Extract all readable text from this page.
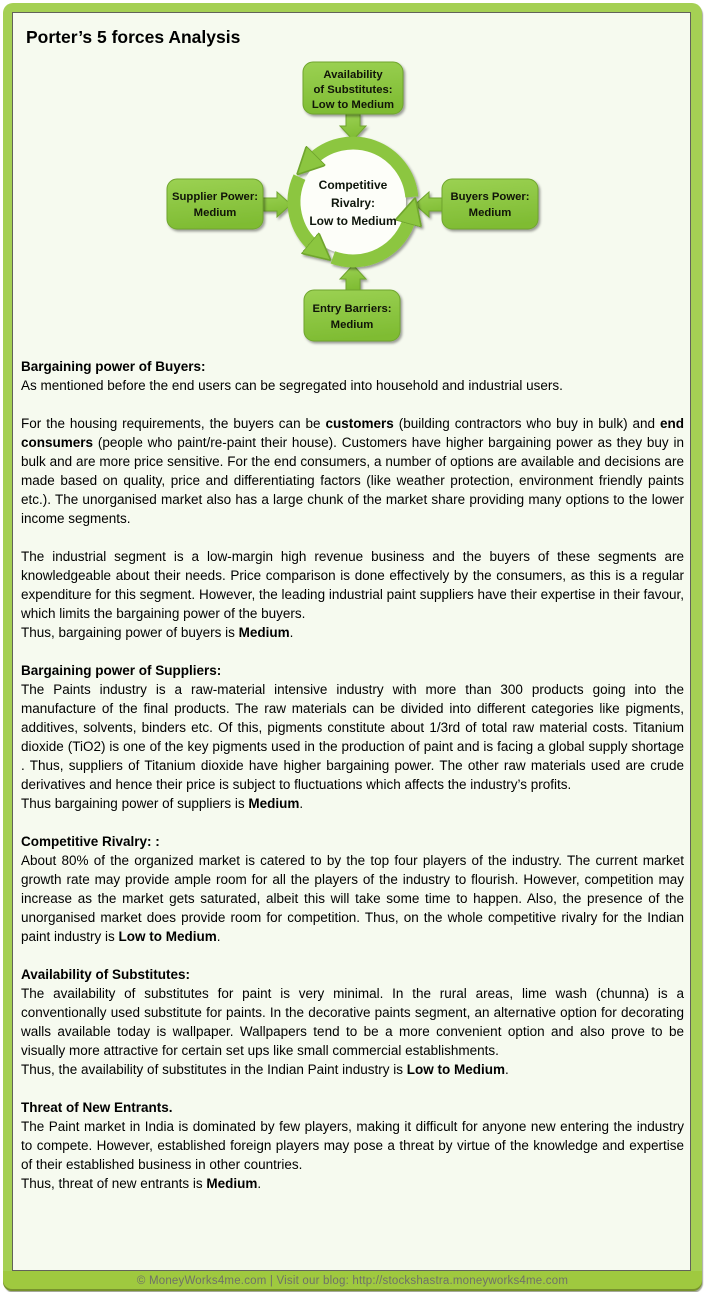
Porter’s 5 forces Analysis
Competitive
Rivalry:
Low to Medium
Availability
of Substitutes:
Low to Medium
Supplier Power:
Medium
Buyers Power:
Medium
Entry Barriers:
Medium
Bargaining power of Buyers:

As mentioned before the end users can be segregated into household and industrial users.

For the housing requirements, the buyers can be customers (building contractors who buy in bulk) and end consumers (people who paint/re-paint their house). Customers have higher bargaining power as they buy in bulk and are more price sensitive. For the end consumers, a number of options are available and decisions are made based on quality, price and differentiating factors (like weather protection, environment friendly paints etc.). The unorganised market also has a large chunk of the market share providing many options to the lower income segments.

The industrial segment is a low-margin high revenue business and the buyers of these segments are knowledgeable about their needs. Price comparison is done effectively by the consumers, as this is a regular expenditure for this segment. However, the leading industrial paint suppliers have their expertise in their favour, which limits the bargaining power of the buyers.

Thus, bargaining power of buyers is Medium.

Bargaining power of Suppliers:

The Paints industry is a raw-material intensive industry with more than 300 products going into the manufacture of the final products. The raw materials can be divided into different categories like pigments, additives, solvents, binders etc. Of this, pigments constitute about 1/3rd of total raw material costs. Titanium dioxide (TiO2) is one of the key pigments used in the production of paint and is facing a global supply shortage . Thus, suppliers of Titanium dioxide have higher bargaining power. The other raw materials used are crude derivatives and hence their price is subject to fluctuations which affects the industry’s profits.

Thus bargaining power of suppliers is Medium.

Competitive Rivalry: :

About 80% of the organized market is catered to by the top four players of the industry. The current market growth rate may provide ample room for all the players of the industry to flourish. However, competition may increase as the market gets saturated, albeit this will take some time to happen. Also, the presence of the unorganised market does provide room for competition. Thus, on the whole competitive rivalry for the Indian paint industry is Low to Medium.

Availability of Substitutes:

The availability of substitutes for paint is very minimal. In the rural areas, lime wash (chunna) is a conventionally used substitute for paints. In the decorative paints segment, an alternative option for decorating walls available today is wallpaper. Wallpapers tend to be a more convenient option and also prove to be visually more attractive for certain set ups like small commercial establishments.

Thus, the availability of substitutes in the Indian Paint industry is Low to Medium.

Threat of New Entrants.

The Paint market in India is dominated by few players, making it difficult for anyone new entering the industry to compete. However, established foreign players may pose a threat by virtue of the knowledge and expertise of their established business in other countries.

Thus, threat of new entrants is Medium.

© MoneyWorks4me.com | Visit our blog: http://stockshastra.moneyworks4me.com
